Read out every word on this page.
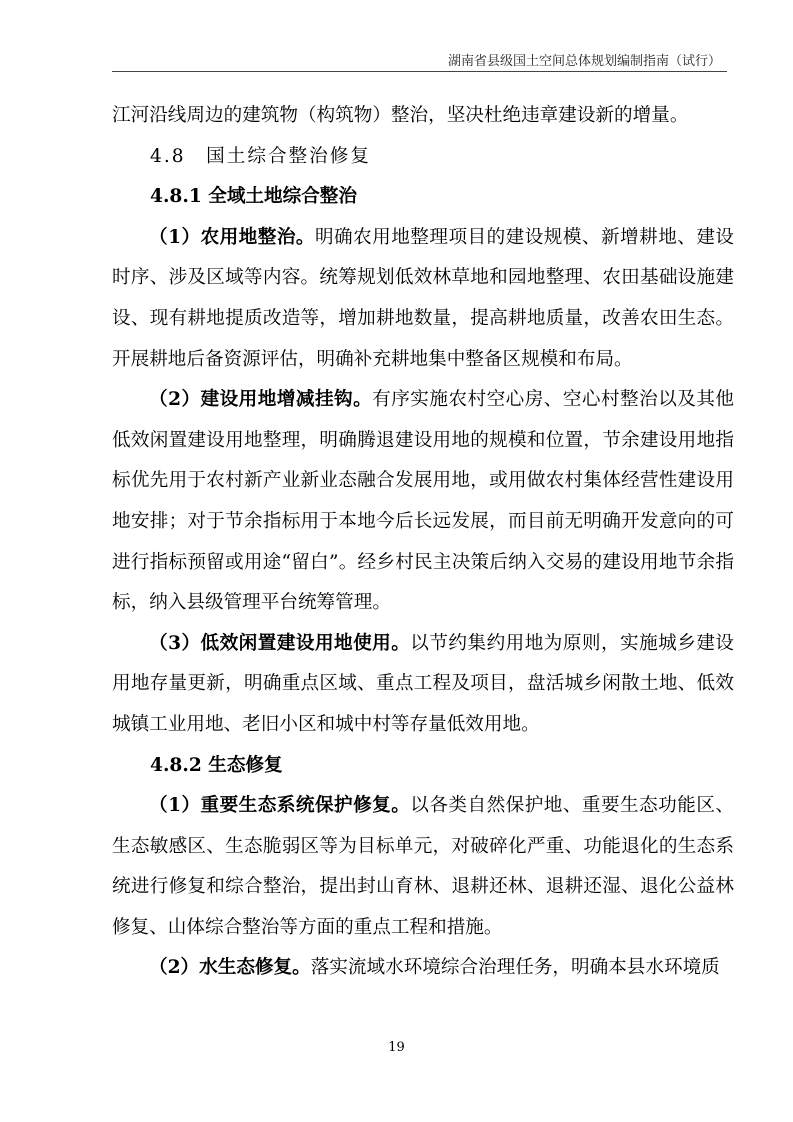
湖南省县级国土空间总体规划编制指南（试行）

江河沿线周边的建筑物（构筑物）整治，坚决杜绝违章建设新的增量。

4.8　国土综合整治修复

4.8.1 全域土地综合整治

（1）农用地整治。明确农用地整理项目的建设规模、新增耕地、建设时序、涉及区域等内容。统筹规划低效林草地和园地整理、农田基础设施建设、现有耕地提质改造等，增加耕地数量，提高耕地质量，改善农田生态。开展耕地后备资源评估，明确补充耕地集中整备区规模和布局。

（2）建设用地增减挂钩。有序实施农村空心房、空心村整治以及其他低效闲置建设用地整理，明确腾退建设用地的规模和位置，节余建设用地指标优先用于农村新产业新业态融合发展用地，或用做农村集体经营性建设用地安排；对于节余指标用于本地今后长远发展，而目前无明确开发意向的可进行指标预留或用途“留白”。经乡村民主决策后纳入交易的建设用地节余指标，纳入县级管理平台统筹管理。

（3）低效闲置建设用地使用。以节约集约用地为原则，实施城乡建设用地存量更新，明确重点区域、重点工程及项目，盘活城乡闲散土地、低效城镇工业用地、老旧小区和城中村等存量低效用地。

4.8.2 生态修复

（1）重要生态系统保护修复。以各类自然保护地、重要生态功能区、生态敏感区、生态脆弱区等为目标单元，对破碎化严重、功能退化的生态系统进行修复和综合整治，提出封山育林、退耕还林、退耕还湿、退化公益林修复、山体综合整治等方面的重点工程和措施。

（2）水生态修复。落实流域水环境综合治理任务，明确本县水环境质

19
